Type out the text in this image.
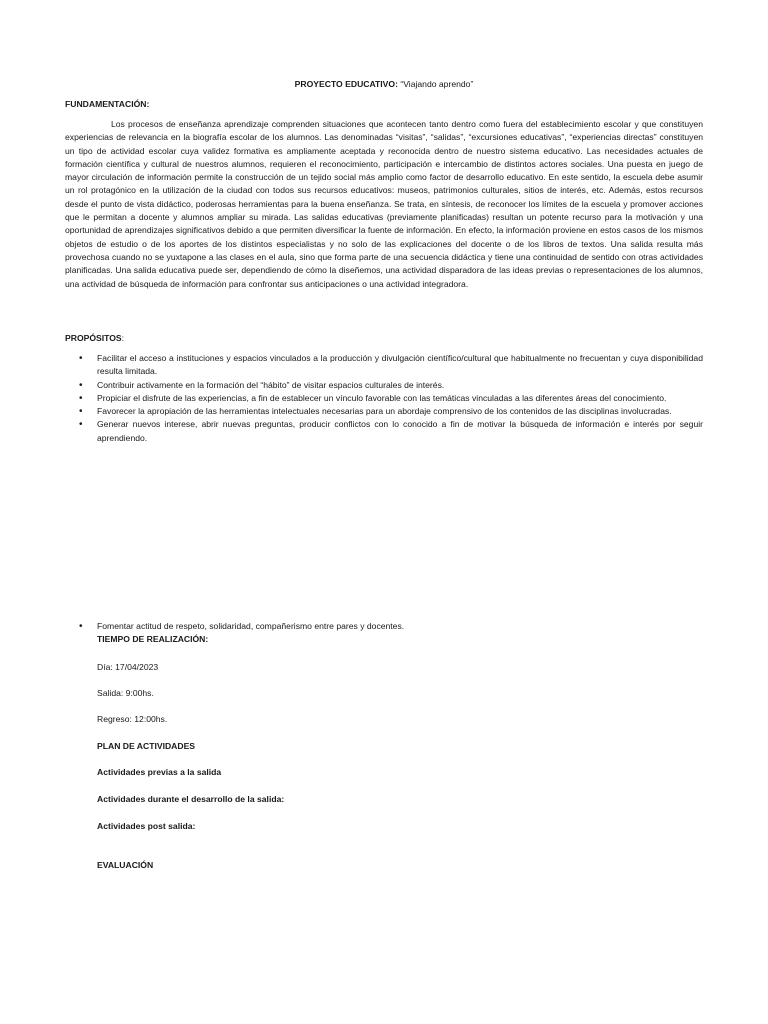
PROYECTO EDUCATIVO: “Viajando aprendo”
FUNDAMENTACIÓN:

Los procesos de enseñanza aprendizaje comprenden situaciones que acontecen tanto dentro como fuera del establecimiento escolar y que constituyen experiencias de relevancia en la biografía escolar de los alumnos. Las denominadas “visitas”, “salidas”, “excursiones educativas”, “experiencias directas” constituyen un tipo de actividad escolar cuya validez formativa es ampliamente aceptada y reconocida dentro de nuestro sistema educativo. Las necesidades actuales de formación científica y cultural de nuestros alumnos, requieren el reconocimiento, participación e intercambio de distintos actores sociales. Una puesta en juego de mayor circulación de información permite la construcción de un tejido social más amplio como factor de desarrollo educativo. En este sentido, la escuela debe asumir un rol protagónico en la utilización de la ciudad con todos sus recursos educativos: museos, patrimonios culturales, sitios de interés, etc. Además, estos recursos desde el punto de vista didáctico, poderosas herramientas para la buena enseñanza. Se trata, en síntesis, de reconocer los límites de la escuela y promover acciones que le permitan a docente y alumnos ampliar su mirada. Las salidas educativas (previamente planificadas) resultan un potente recurso para la motivación y una oportunidad de aprendizajes significativos debido a que permiten diversificar la fuente de información. En efecto, la información proviene en estos casos de los mismos objetos de estudio o de los aportes de los distintos especialistas y no solo de las explicaciones del docente o de los libros de textos. Una salida resulta más provechosa cuando no se yuxtapone a las clases en el aula, sino que forma parte de una secuencia didáctica y tiene una continuidad de sentido con otras actividades planificadas. Una salida educativa puede ser, dependiendo de cómo la diseñemos, una actividad disparadora de las ideas previas o representaciones de los alumnos, una actividad de búsqueda de información para confrontar sus anticipaciones o una actividad integradora.

PROPÓSITOS:
• Facilitar el acceso a instituciones y espacios vinculados a la producción y divulgación científico/cultural que habitualmente no frecuentan y cuya disponibilidad resulta limitada.
• Contribuir activamente en la formación del “hábito” de visitar espacios culturales de interés.
• Propiciar el disfrute de las experiencias, a fin de establecer un vínculo favorable con las temáticas vinculadas a las diferentes áreas del conocimiento.
• Favorecer la apropiación de las herramientas intelectuales necesarias para un abordaje comprensivo de los contenidos de las disciplinas involucradas.
• Generar nuevos interese, abrir nuevas preguntas, producir conflictos con lo conocido a fin de motivar la búsqueda de información e interés por seguir aprendiendo.
• Fomentar actitud de respeto, solidaridad, compañerismo entre pares y docentes.
TIEMPO DE REALIZACIÓN:
Día: 17/04/2023
Salida: 9:00hs.
Regreso: 12:00hs.
PLAN DE ACTIVIDADES
Actividades previas a la salida
Actividades durante el desarrollo de la salida:
Actividades post salida:
EVALUACIÓN
